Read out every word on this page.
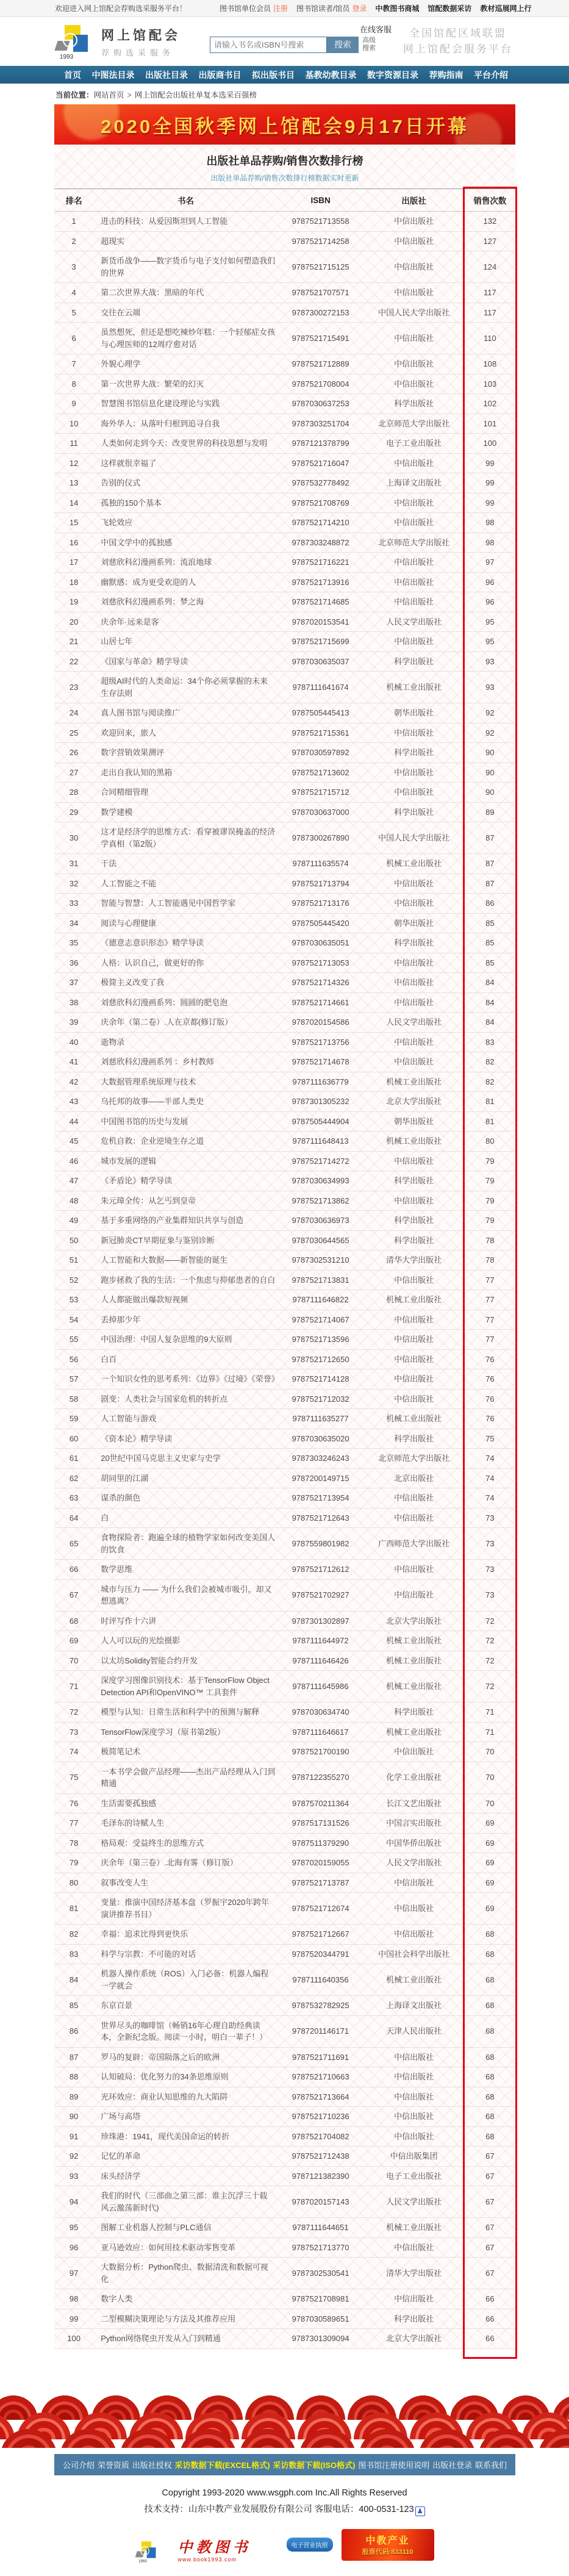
欢迎进入网上馆配会荐购选采服务平台！	图书馆单位会员 注册 图书馆读者/馆员 登录 中教图书商城 馆配数据采访 教材巡展网上行
1993
网上馆配会
荐购选采服务
在线客服
请输入书名或ISBN号搜索
搜索	高级
搜索
全国馆配区域联盟
网上馆配会服务平台
首页 中图法目录 出版社目录 出版商书目 拟出版书目 基教幼教目录 数字资源目录 荐购指南 平台介绍
当前位置：网站首页 > 网上馆配会出版社单复本选采百强榜
2020全国秋季网上馆配会9月17日开幕
出版社单品荐购/销售次数排行榜
出版社单品荐购/销售次数排行榜数据实时更新
排名	书名	ISBN	出版社	销售次数
1	进击的科技：从爱因斯坦到人工智能	9787521713558	中信出版社	132
2	超现实	9787521714258	中信出版社	127
3	新货币战争——数字货币与电子支付如何塑造我们的世界	9787521715125	中信出版社	124
4	第二次世界大战：黑暗的年代	9787521707571	中信出版社	117
5	交往在云端	9787300272153	中国人民大学出版社	117
6	虽然想死，但还是想吃辣炒年糕：一个轻郁症女孩与心理医师的12周疗愈对话	9787521715491	中信出版社	110
7	外貌心理学	9787521712889	中信出版社	108
8	第一次世界大战：繁荣的幻灭	9787521708004	中信出版社	103
9	智慧图书馆信息化建设理论与实践	9787030637253	科学出版社	102
10	海外华人：从落叶归根到追寻自我	9787303251704	北京师范大学出版社	101
11	人类如何走到今天：改变世界的科技思想与发明	9787121378799	电子工业出版社	100
12	这样就很幸福了	9787521716047	中信出版社	99
13	告别的仪式	9787532778492	上海译文出版社	99
14	孤独的150个基本	9787521708769	中信出版社	99
15	飞轮效应	9787521714210	中信出版社	98
16	中国文学中的孤独感	9787303248872	北京师范大学出版社	98
17	刘慈欣科幻漫画系列：流浪地球	9787521716221	中信出版社	97
18	幽默感：成为更受欢迎的人	9787521713916	中信出版社	96
19	刘慈欣科幻漫画系列：梦之海	9787521714685	中信出版社	96
20	庆余年·远来是客	9787020153541	人民文学出版社	95
21	山居七年	9787521715699	中信出版社	95
22	《国家与革命》精学导读	9787030635037	科学出版社	93
23	超级AI时代的人类命运：34个你必须掌握的未来生存法则	9787111641674	机械工业出版社	93
24	真人图书馆与阅读推广	9787505445413	朝华出版社	92
25	欢迎回来，旅人	9787521715361	中信出版社	92
26	数字营销效果测评	9787030597892	科学出版社	90
27	走出自我认知的黑箱	9787521713602	中信出版社	90
28	合同精细管理	9787521715712	中信出版社	90
29	数学建模	9787030637000	科学出版社	89
30	这才是经济学的思维方式：看穿被谬误掩盖的经济学真相（第2版）	9787300267890	中国人民大学出版社	87
31	干法	9787111635574	机械工业出版社	87
32	人工智能之不能	9787521713794	中信出版社	87
33	智能与智慧：人工智能遇见中国哲学家	9787521713176	中信出版社	86
34	阅读与心理健康	9787505445420	朝华出版社	85
35	《德意志意识形态》精学导读	9787030635051	科学出版社	85
36	人格：认识自己，做更好的你	9787521713053	中信出版社	85
37	极简主义改变了我	9787521714326	中信出版社	84
38	刘慈欣科幻漫画系列：圆圆的肥皂泡	9787521714661	中信出版社	84
39	庆余年（第二卷）.人在京都(修订版）	9787020154586	人民文学出版社	84
40	逝物录	9787521713756	中信出版社	83
41	刘慈欣科幻漫画系列 ：乡村教师	9787521714678	中信出版社	82
42	大数据管理系统原理与技术	9787111636779	机械工业出版社	82
43	乌托邦的故事——半部人类史	9787301305232	北京大学出版社	81
44	中国图书馆的历史与发展	9787505444904	朝华出版社	81
45	危机自救：企业逆境生存之道	9787111648413	机械工业出版社	80
46	城市发展的逻辑	9787521714272	中信出版社	79
47	《矛盾论》精学导读	9787030634993	科学出版社	79
48	朱元璋全传：从乞丐到皇帝	9787521713862	中信出版社	79
49	基于多重网络的产业集群知识共享与创造	9787030636973	科学出版社	79
50	新冠肺炎CT早期征象与鉴别诊断	9787030644565	科学出版社	78
51	人工智能和大数据——新智能的诞生	9787302531210	清华大学出版社	78
52	跑步拯救了我的生活：一个焦虑与抑郁患者的自白	9787521713831	中信出版社	77
53	人人都能做出爆款短视频	9787111646822	机械工业出版社	77
54	丢掉那少年	9787521714067	中信出版社	77
55	中国治理：中国人复杂思维的9大原则	9787521713596	中信出版社	77
56	白百	9787521712650	中信出版社	76
57	一个知识女性的思考系列：《边界》《过境》《荣誉》	9787521714128	中信出版社	76
58	剧变：人类社会与国家危机的转折点	9787521712032	中信出版社	76
59	人工智能与游戏	9787111635277	机械工业出版社	76
60	《资本论》精学导读	9787030635020	科学出版社	75
61	20世纪中国马克思主义史家与史学	9787303246243	北京师范大学出版社	74
62	胡同里的江湖	9787200149715	北京出版社	74
63	谋杀的颜色	9787521713954	中信出版社	74
64	白	9787521712643	中信出版社	73
65	食物探险者：跑遍全球的植物学家如何改变美国人的饮食	9787559801982	广西师范大学出版社	73
66	数学思维	9787521712612	中信出版社	73
67	城市与压力 —— 为什么我们会被城市吸引，却又想逃离？	9787521702927	中信出版社	73
68	时评写作十六讲	9787301302897	北京大学出版社	72
69	人人可以玩的光绘摄影	9787111644972	机械工业出版社	72
70	以太坊Solidity智能合约开发	9787111646426	机械工业出版社	72
71	深度学习图像识别技术：基于TensorFlow Object Detection API和OpenVINO™ 工具套件	9787111645986	机械工业出版社	72
72	模型与认知：日常生活和科学中的预测与解释	9787030634740	科学出版社	71
73	TensorFlow深度学习（原书第2版）	9787111646617	机械工业出版社	71
74	极简笔记术	9787521700190	中信出版社	70
75	一本书学会做产品经理——杰出产品经理从入门到精通	9787122355270	化学工业出版社	70
76	生活需要孤独感	9787570211364	长江文艺出版社	70
77	毛泽东的诗赋人生	9787517131526	中国言实出版社	69
78	格局观：受益终生的思维方式	9787511379290	中国华侨出版社	69
79	庆余年（第三卷）.北海有雾（修订版）	9787020159055	人民文学出版社	69
80	叙事改变人生	9787521713787	中信出版社	69
81	变量：推演中国经济基本盘（罗振宇2020年跨年演讲推荐书目）	9787521712674	中信出版社	69
82	幸福：追求比得到更快乐	9787521712667	中信出版社	68
83	科学与宗教：不可能的对话	9787520344791	中国社会科学出版社	68
84	机器人操作系统（ROS）入门必备：机器人编程一学就会	9787111640356	机械工业出版社	68
85	东京百景	9787532782925	上海译文出版社	68
86	世界尽头的咖啡馆（畅销16年心理自助经典读本，全新纪念版。阅读一小时，明白一辈子！）	9787201146171	天津人民出版社	68
87	罗马的复辟：帝国陨落之后的欧洲	9787521711691	中信出版社	68
88	认知破局：优化努力的34条思维原则	9787521710663	中信出版社	68
89	光环效应：商业认知思维的九大陷阱	9787521713664	中信出版社	68
90	广场与高塔	9787521710236	中信出版社	68
91	珍珠港：1941，现代美国命运的转折	9787521704082	中信出版社	68
92	记忆的革命	9787521712438	中信出版集团	67
93	床头经济学	9787121382390	电子工业出版社	67
94	我们的时代（三部曲之第三部：谁主沉浮三十载 风云激荡新时代)	9787020157143	人民文学出版社	67
95	图解工业机器人控制与PLC通信	9787111644651	机械工业出版社	67
96	亚马逊效应：如何用技术驱动零售变革	9787521713770	中信出版社	67
97	大数据分析：Python爬虫、数据清洗和数据可视化	9787302530541	清华大学出版社	67
98	数字人类	9787521708981	中信出版社	66
99	二型模糊决策理论与方法及其推荐应用	9787030589651	科学出版社	66
100	Python网络爬虫开发从入门到精通	9787301309094	北京大学出版社	66
公司介绍 荣誉资质 出版社授权 采访数据下载(EXCEL格式) 采访数据下载(ISO格式) 图书馆注册使用说明 出版社登录 联系我们
Copyright 1993-2020 www.wsgph.com Inc.All Rights Reserved
技术支持：山东中教产业发展股份有限公司 客服电话：400-0531-123 ♟
1993
中教图书
www.book1993.com
电子营业执照	中教产业
股票代码:833110
